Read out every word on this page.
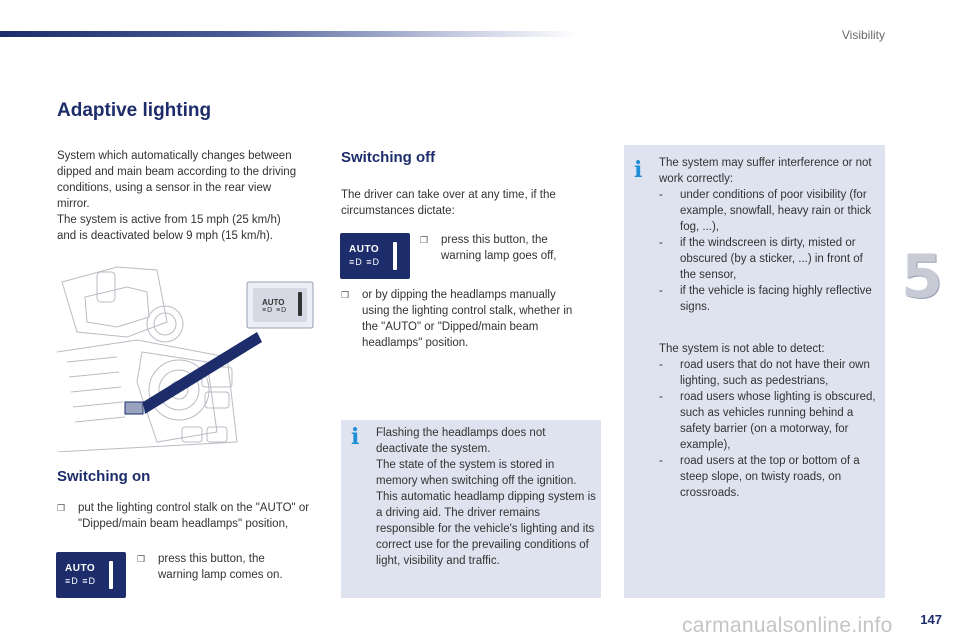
Visibility
5
Adaptive lighting
System which automatically changes between
dipped and main beam according to the driving
conditions, using a sensor in the rear view
mirror.
The system is active from 15 mph (25 km/h)
and is deactivated below 9 mph (15 km/h).
AUTO
≡D ≡D
Switching on
❒	put the lighting control stalk on the "AUTO" or "Dipped/main beam headlamps" position,
AUTO
≡D ≡D
❒	press this button, the warning lamp comes on.
Switching off
The driver can take over at any time, if the circumstances dictate:
AUTO
≡D ≡D
❒	press this button, the warning lamp goes off,
❒	or by dipping the headlamps manually using the lighting control stalk, whether in the "AUTO" or "Dipped/main beam headlamps" position.
i Flashing the headlamps does not deactivate the system.

The state of the system is stored in memory when switching off the ignition.

This automatic headlamp dipping system is a driving aid. The driver remains responsible for the vehicle's lighting and its correct use for the prevailing conditions of light, visibility and traffic.

i The system may suffer interference or not work correctly:

- under conditions of poor visibility (for example, snowfall, heavy rain or thick fog, ...),
- if the windscreen is dirty, misted or obscured (by a sticker, ...) in front of the sensor,
- if the vehicle is facing highly reflective signs.

The system is not able to detect:

- road users that do not have their own lighting, such as pedestrians,
- road users whose lighting is obscured, such as vehicles running behind a safety barrier (on a motorway, for example),
- road users at the top or bottom of a steep slope, on twisty roads, on crossroads.
carmanualsonline.info 147
